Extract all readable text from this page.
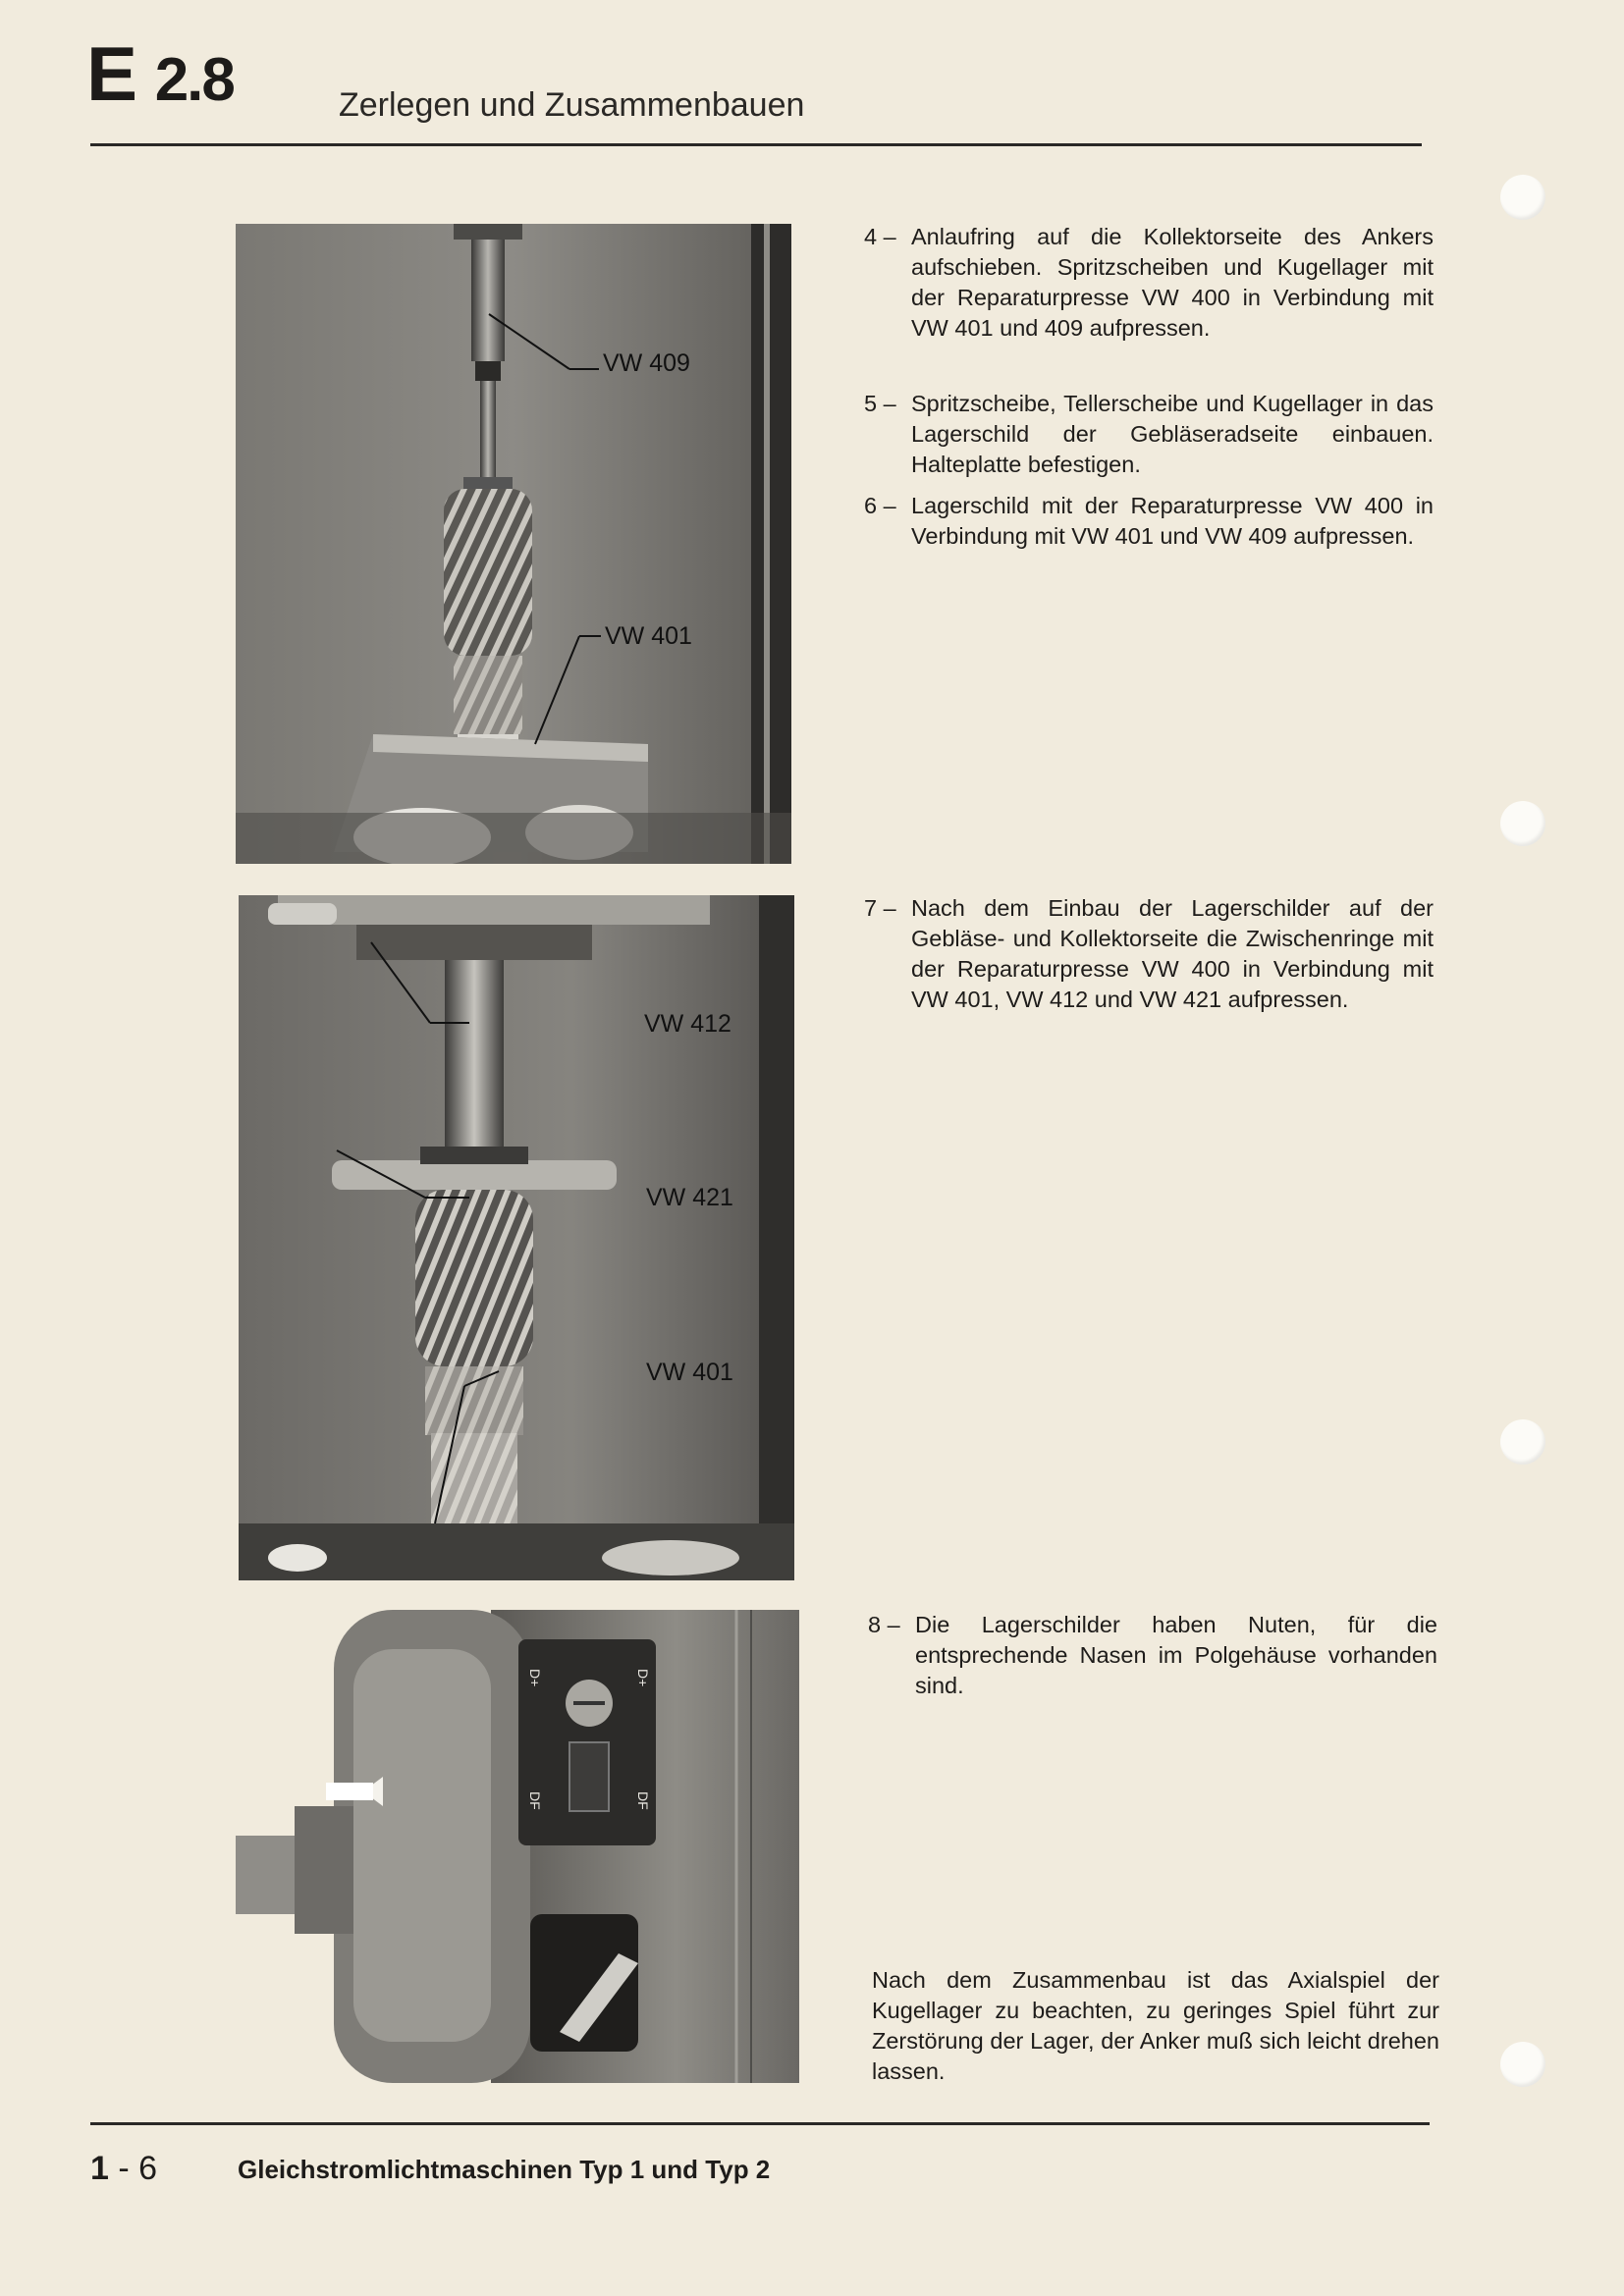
E 2.8	Zerlegen und Zusammenbauen
VW 409
VW 401
VW 412
VW 421
VW 401
D+	D+
DF	DF
4 – Anlaufring auf die Kollektorseite des Ankers aufschieben. Spritzscheiben und Kugellager mit der Reparaturpresse VW 400 in Verbindung mit VW 401 und 409 aufpressen.
5 – Spritzscheibe, Tellerscheibe und Kugellager in das Lagerschild der Gebläseradseite einbauen. Halteplatte befestigen.
6 – Lagerschild mit der Reparaturpresse VW 400 in Verbindung mit VW 401 und VW 409 aufpressen.
7 – Nach dem Einbau der Lagerschilder auf der Gebläse- und Kollektorseite die Zwischenringe mit der Reparaturpresse VW 400 in Verbindung mit VW 401, VW 412 und VW 421 aufpressen.
8 – Die Lagerschilder haben Nuten, für die entsprechende Nasen im Polgehäuse vorhanden sind.
Nach dem Zusammenbau ist das Axialspiel der Kugellager zu beachten, zu geringes Spiel führt zur Zerstörung der Lager, der Anker muß sich leicht drehen lassen.
1 - 6	Gleichstromlichtmaschinen Typ 1 und Typ 2
